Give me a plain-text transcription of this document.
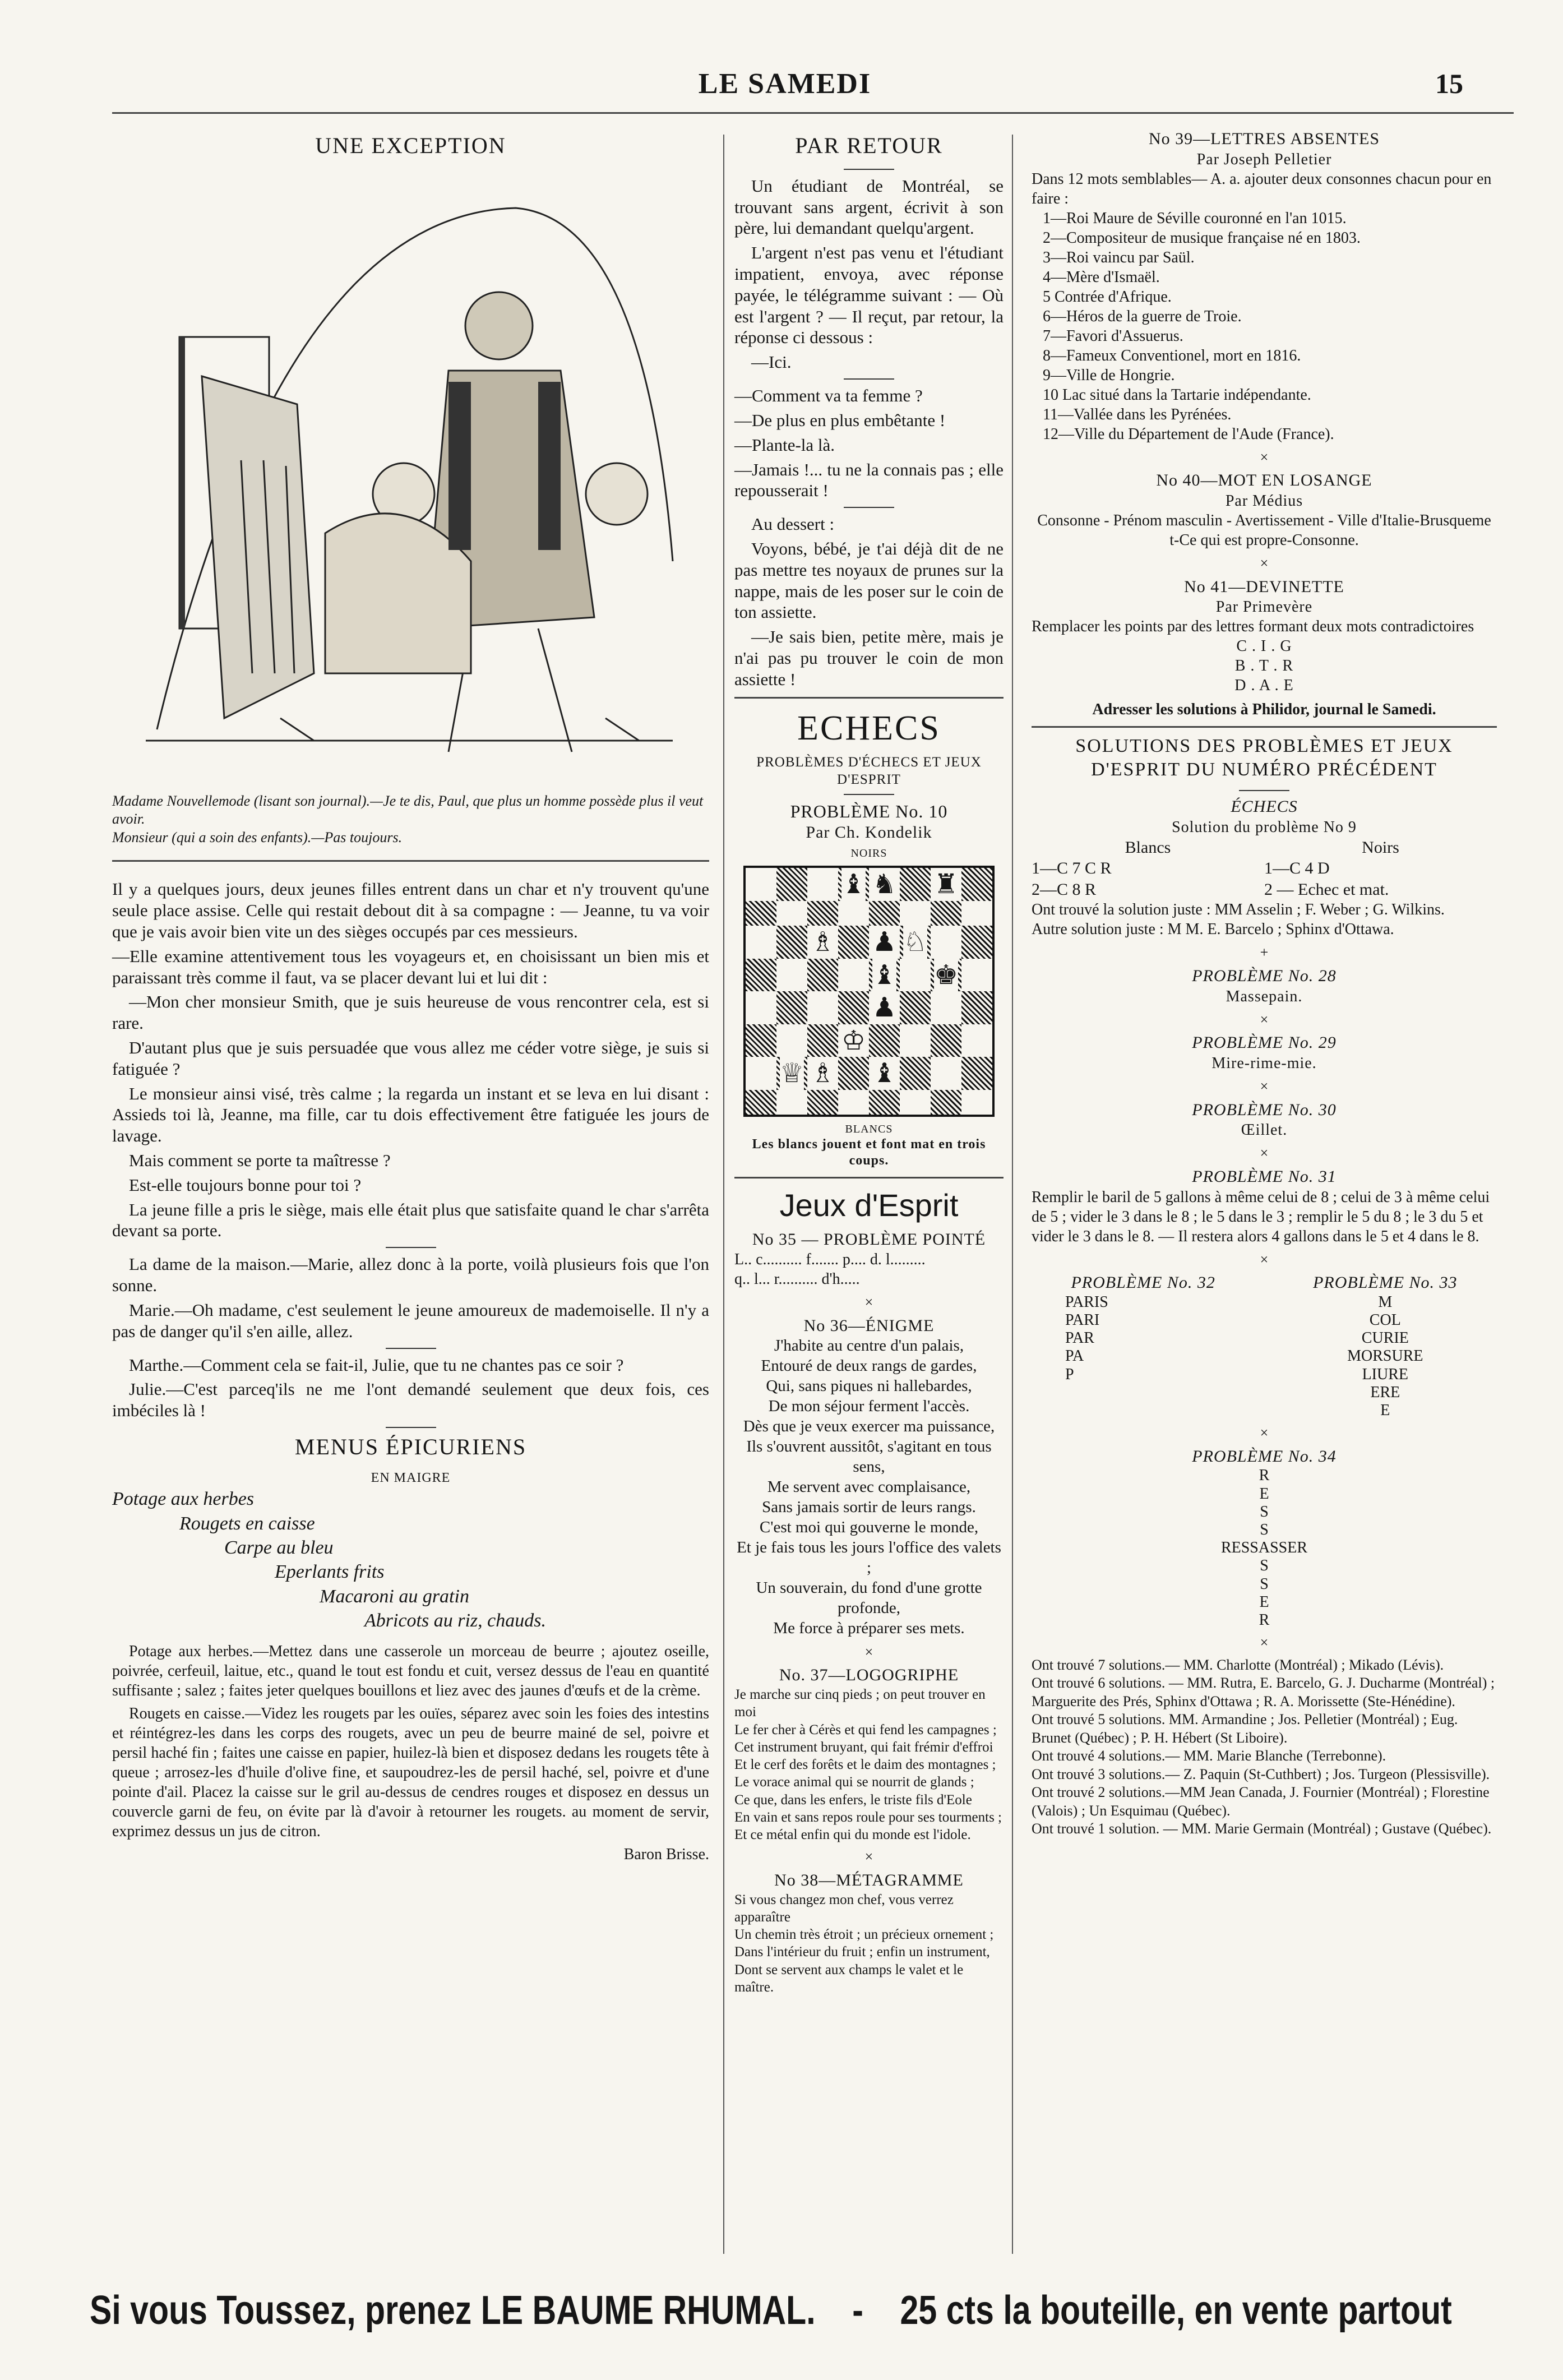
LE SAMEDI	15
UNE EXCEPTION
Madame Nouvellemode (lisant son journal).—Je te dis, Paul, que plus un homme possède plus il veut avoir.
Monsieur (qui a soin des enfants).—Pas toujours.

Il y a quelques jours, deux jeunes filles entrent dans un char et n'y trouvent qu'une seule place assise. Celle qui restait debout dit à sa compagne : — Jeanne, tu va voir que je vais avoir bien vite un des sièges occupés par ces messieurs.

—Elle examine attentivement tous les voyageurs et, en choisissant un bien mis et paraissant très comme il faut, va se placer devant lui et lui dit :

—Mon cher monsieur Smith, que je suis heureuse de vous rencontrer cela, est si rare.

D'autant plus que je suis persuadée que vous allez me céder votre siège, je suis si fatiguée ?

Le monsieur ainsi visé, très calme ; la regarda un instant et se leva en lui disant : Assieds toi là, Jeanne, ma fille, car tu dois effectivement être fatiguée les jours de lavage.

Mais comment se porte ta maîtresse ?

Est-elle toujours bonne pour toi ?

La jeune fille a pris le siège, mais elle était plus que satisfaite quand le char s'arrêta devant sa porte.

La dame de la maison.—Marie, allez donc à la porte, voilà plusieurs fois que l'on sonne.

Marie.—Oh madame, c'est seulement le jeune amoureux de mademoiselle. Il n'y a pas de danger qu'il s'en aille, allez.

Marthe.—Comment cela se fait-il, Julie, que tu ne chantes pas ce soir ?

Julie.—C'est parceq'ils ne me l'ont demandé seulement que deux fois, ces imbéciles là !

MENUS ÉPICURIENS
EN MAIGRE
Potage aux herbes
Rougets en caisse
Carpe au bleu
Eperlants frits
Macaroni au gratin
Abricots au riz, chauds.

Potage aux herbes.—Mettez dans une casserole un morceau de beurre ; ajoutez oseille, poivrée, cerfeuil, laitue, etc., quand le tout est fondu et cuit, versez dessus de l'eau en quantité suffisante ; salez ; faites jeter quelques bouillons et liez avec des jaunes d'œufs et de la crème.

Rougets en caisse.—Videz les rougets par les ouïes, séparez avec soin les foies des intestins et réintégrez-les dans les corps des rougets, avec un peu de beurre mainé de sel, poivre et persil haché fin ; faites une caisse en papier, huilez-là bien et disposez dedans les rougets tête à queue ; arrosez-les d'huile d'olive fine, et saupoudrez-les de persil haché, sel, poivre et d'une pointe d'ail. Placez la caisse sur le gril au-dessus de cendres rouges et disposez en dessus un couvercle garni de feu, on évite par là d'avoir à retourner les rougets. au moment de servir, exprimez dessus un jus de citron.

Baron Brisse.
PAR RETOUR

Un étudiant de Montréal, se trouvant sans argent, écrivit à son père, lui demandant quelqu'argent.

L'argent n'est pas venu et l'étudiant impatient, envoya, avec réponse payée, le télégramme suivant : — Où est l'argent ? — Il reçut, par retour, la réponse ci dessous :

—Ici.

—Comment va ta femme ?

—De plus en plus embêtante !

—Plante-la là.

—Jamais !... tu ne la connais pas ; elle repousserait !

Au dessert :

Voyons, bébé, je t'ai déjà dit de ne pas mettre tes noyaux de prunes sur la nappe, mais de les poser sur le coin de ton assiette.

—Je sais bien, petite mère, mais je n'ai pas pu trouver le coin de mon assiette !

ECHECS
PROBLÈMES D'ÉCHECS ET JEUX D'ESPRIT
PROBLÈME No. 10
Par Ch. Kondelik
NOIRS
♝ ♞ ♜
♗ ♟ ♘
♝ ♚
♟
♔
♕ ♗ ♝
BLANCS
Les blancs jouent et font mat en trois coups.
Jeux d'Esprit
No 35 — PROBLÈME POINTÉ
L.. c.......... f....... p.... d. l.........
q.. l... r.......... d'h.....
×
No 36—ÉNIGME
J'habite au centre d'un palais,
Entouré de deux rangs de gardes,
Qui, sans piques ni hallebardes,
De mon séjour ferment l'accès.
Dès que je veux exercer ma puissance,
Ils s'ouvrent aussitôt, s'agitant en tous sens,
Me servent avec complaisance,
Sans jamais sortir de leurs rangs.
C'est moi qui gouverne le monde,
Et je fais tous les jours l'office des valets ;
Un souverain, du fond d'une grotte profonde,
Me force à préparer ses mets.
×
No. 37—LOGOGRIPHE
Je marche sur cinq pieds ; on peut trouver en moi
Le fer cher à Cérès et qui fend les campagnes ;
Cet instrument bruyant, qui fait frémir d'effroi
Et le cerf des forêts et le daim des montagnes ;
Le vorace animal qui se nourrit de glands ;
Ce que, dans les enfers, le triste fils d'Eole
En vain et sans repos roule pour ses tourments ;
Et ce métal enfin qui du monde est l'idole.
×
No 38—MÉTAGRAMME
Si vous changez mon chef, vous verrez apparaître
Un chemin très étroit ; un précieux ornement ;
Dans l'intérieur du fruit ; enfin un instrument,
Dont se servent aux champs le valet et le maître.
No 39—LETTRES ABSENTES
Par Joseph Pelletier
Dans 12 mots semblables— A. a. ajouter deux consonnes chacun pour en faire :
1—Roi Maure de Séville couronné en l'an 1015.
2—Compositeur de musique française né en 1803.
3—Roi vaincu par Saül.
4—Mère d'Ismaël.
5 Contrée d'Afrique.
6—Héros de la guerre de Troie.
7—Favori d'Assuerus.
8—Fameux Conventionel, mort en 1816.
9—Ville de Hongrie.
10 Lac situé dans la Tartarie indépendante.
11—Vallée dans les Pyrénées.
12—Ville du Département de l'Aude (France).
×
No 40—MOT EN LOSANGE
Par Médius
Consonne - Prénom masculin - Avertissement - Ville d'Italie-Brusqueme t-Ce qui est propre-Consonne.
×
No 41—DEVINETTE
Par Primevère
Remplacer les points par des lettres formant deux mots contradictoires
C . I . G
B . T . R
D . A . E
Adresser les solutions à Philidor, journal le Samedi.
SOLUTIONS DES PROBLÈMES ET JEUX D'ESPRIT DU NUMÉRO PRÉCÉDENT
ÉCHECS
Solution du problème No 9
Blancs	Noirs
1—C 7 C R	1—C 4 D
2—C 8 R	2 — Echec et mat.
Ont trouvé la solution juste : MM Asselin ; F. Weber ; G. Wilkins.
Autre solution juste : M M. E. Barcelo ; Sphinx d'Ottawa.
+
PROBLÈME No. 28
Massepain.
×
PROBLÈME No. 29
Mire-rime-mie.
×
PROBLÈME No. 30
Œillet.
×
PROBLÈME No. 31
Remplir le baril de 5 gallons à même celui de 8 ; celui de 3 à même celui de 5 ; vider le 3 dans le 8 ; le 5 dans le 3 ; remplir le 5 du 8 ; le 3 du 5 et vider le 3 dans le 8. — Il restera alors 4 gallons dans le 5 et 4 dans le 8.
×
PROBLÈME No. 32
PARIS
PARI
PAR
PA
P
PROBLÈME No. 33
M
COL
CURIE
MORSURE
LIURE
ERE
E
×
PROBLÈME No. 34
R
E
S
S
RESSASSER
S
S
E
R
×
Ont trouvé 7 solutions.— MM. Charlotte (Montréal) ; Mikado (Lévis).
Ont trouvé 6 solutions. — MM. Rutra, E. Barcelo, G. J. Ducharme (Montréal) ; Marguerite des Prés, Sphinx d'Ottawa ; R. A. Morissette (Ste-Hénédine).
Ont trouvé 5 solutions. MM. Armandine ; Jos. Pelletier (Montréal) ; Eug. Brunet (Québec) ; P. H. Hébert (St Liboire).
Ont trouvé 4 solutions.— MM. Marie Blanche (Terrebonne).
Ont trouvé 3 solutions.— Z. Paquin (St-Cuthbert) ; Jos. Turgeon (Plessisville).
Ont trouvé 2 solutions.—MM Jean Canada, J. Fournier (Montréal) ; Florestine (Valois) ; Un Esquimau (Québec).
Ont trouvé 1 solution. — MM. Marie Germain (Montréal) ; Gustave (Québec).
Si vous Toussez, prenez LE BAUME RHUMAL. - 25 cts la bouteille, en vente partout
